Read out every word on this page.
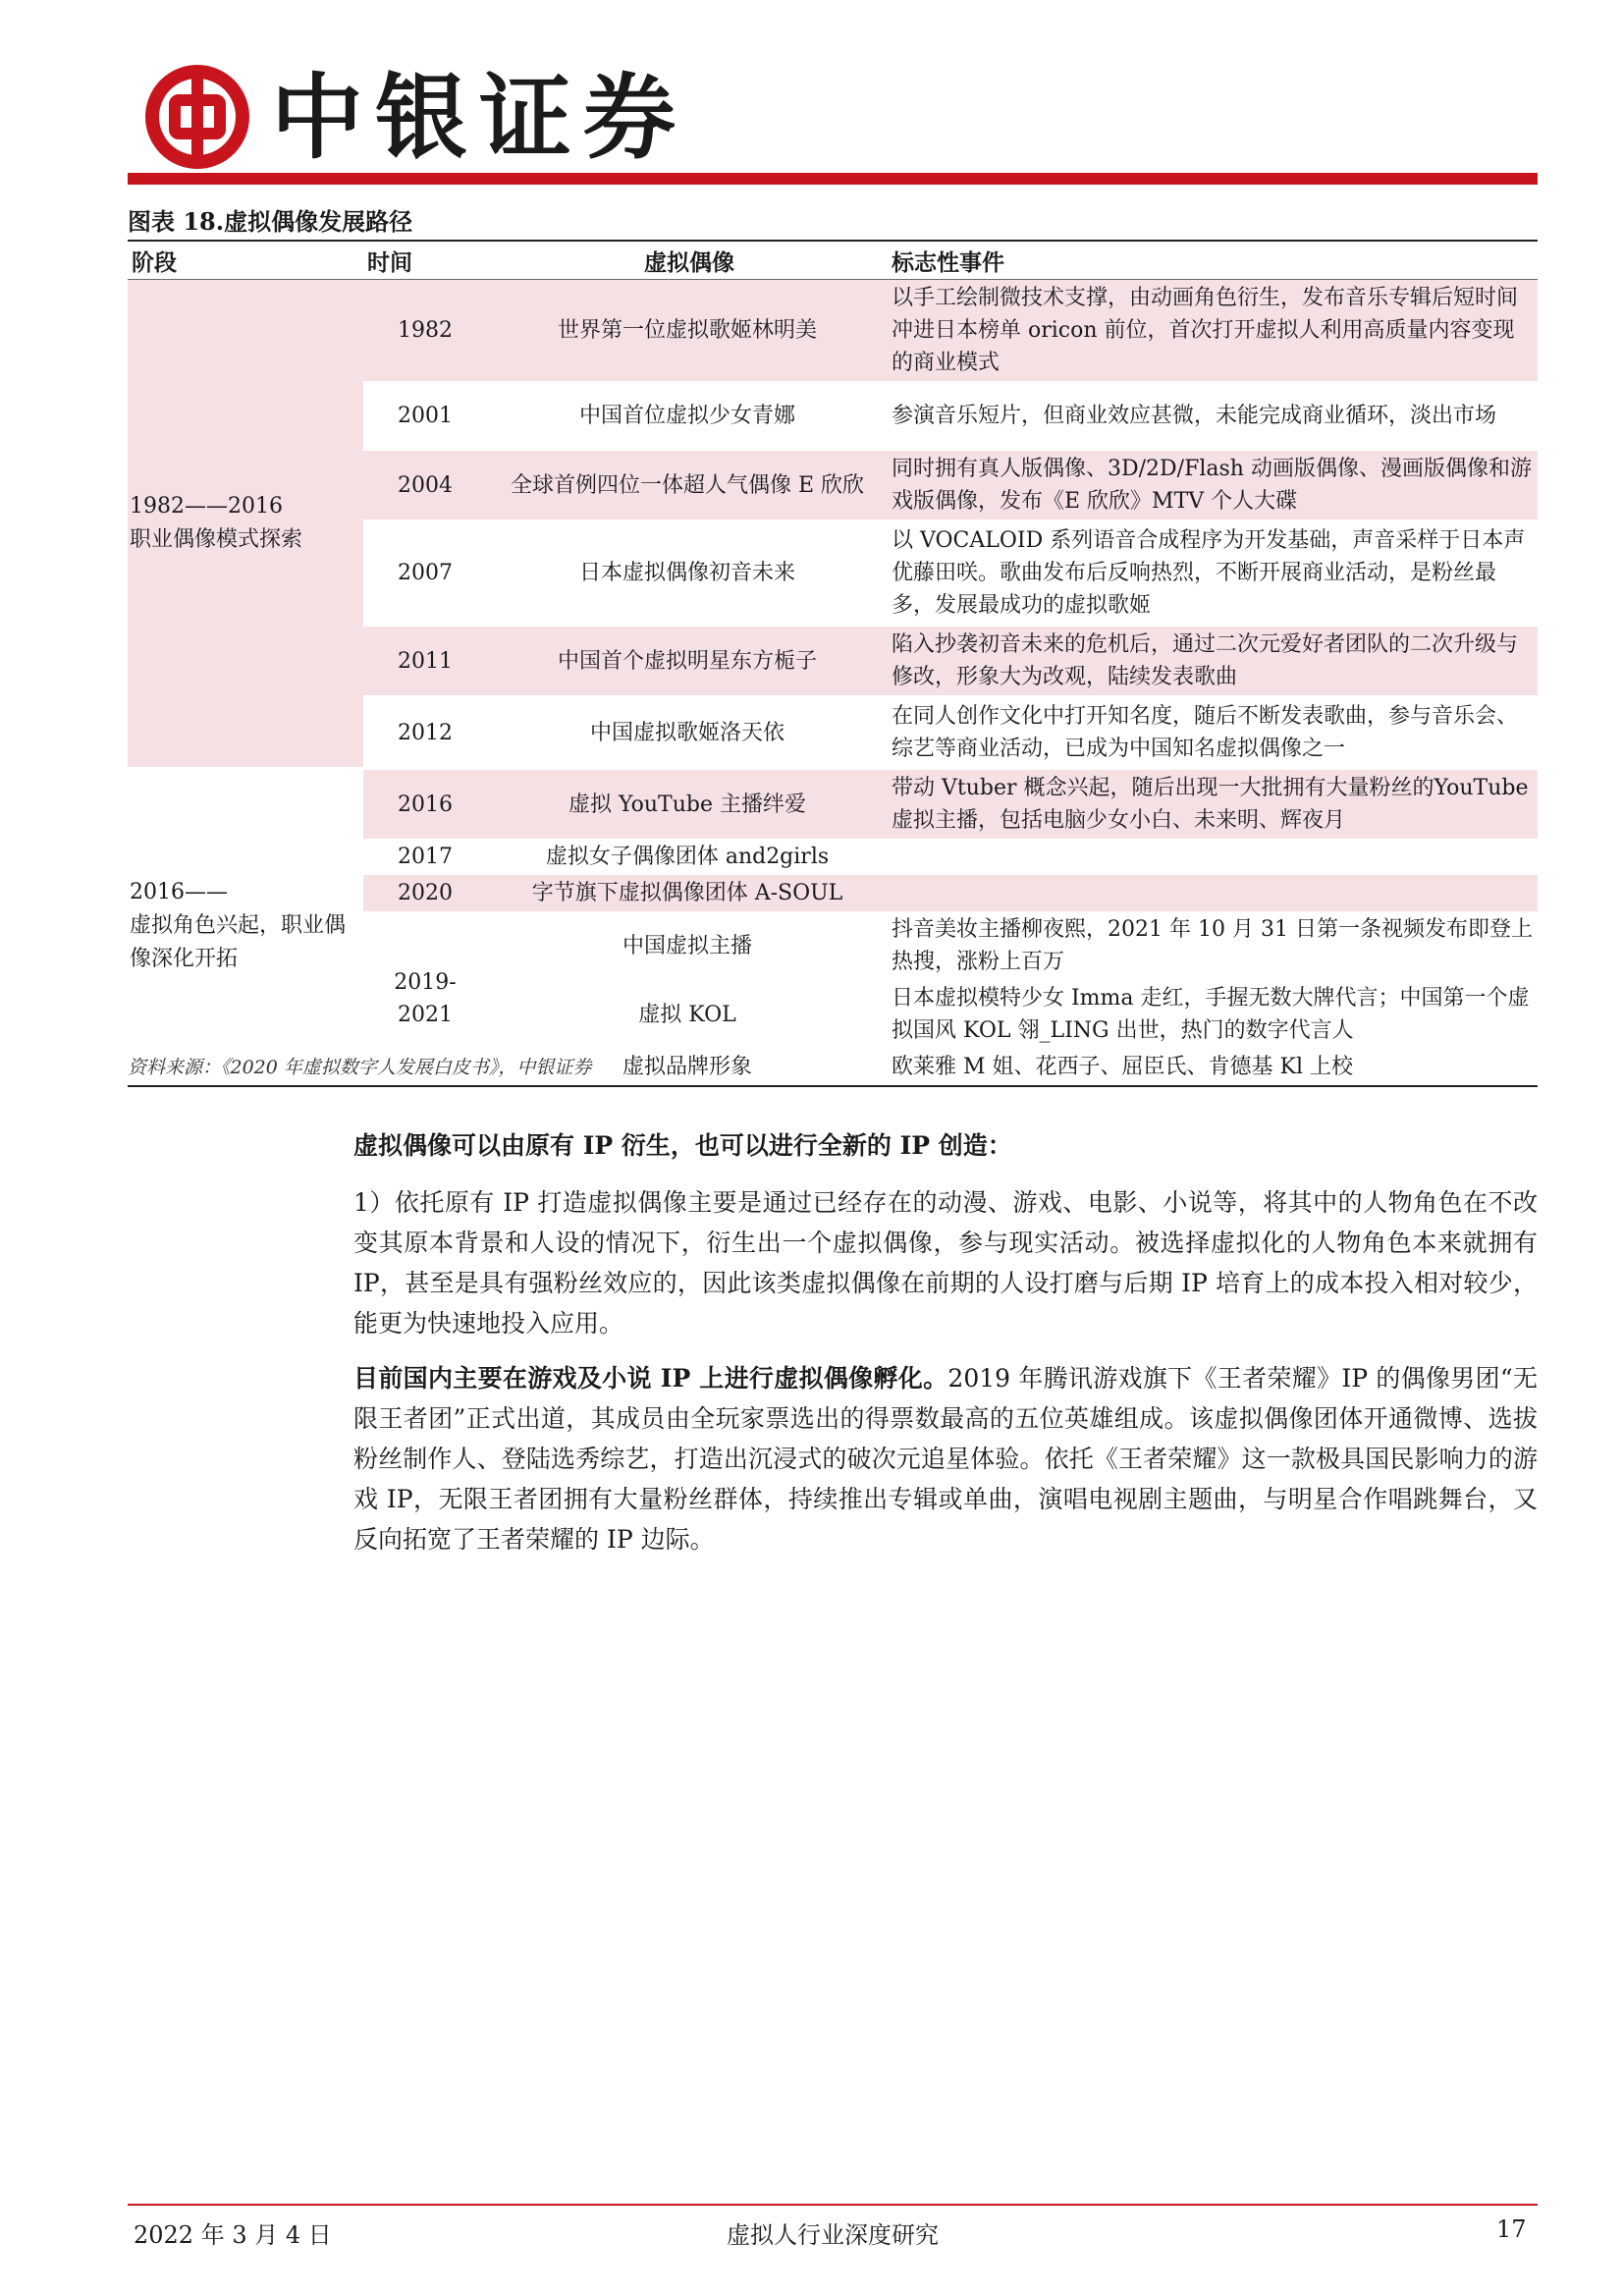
中银证券
图表 18.虚拟偶像发展路径
阶段	时间	虚拟偶像	标志性事件
1982——2016
职业偶像模式探索	1982	世界第一位虚拟歌姬林明美	以手工绘制微技术支撑，由动画角色衍生，发布音乐专辑后短时间冲进日本榜单 oricon 前位，首次打开虚拟人利用高质量内容变现的商业模式
	2001	中国首位虚拟少女青娜	参演音乐短片，但商业效应甚微，未能完成商业循环，淡出市场
	2004	全球首例四位一体超人气偶像 E 欣欣	同时拥有真人版偶像、3D/2D/Flash 动画版偶像、漫画版偶像和游戏版偶像，发布《E 欣欣》MTV 个人大碟
	2007	日本虚拟偶像初音未来	以 VOCALOID 系列语音合成程序为开发基础，声音采样于日本声优藤田咲。歌曲发布后反响热烈，不断开展商业活动，是粉丝最多，发展最成功的虚拟歌姬
	2011	中国首个虚拟明星东方栀子	陷入抄袭初音未来的危机后，通过二次元爱好者团队的二次升级与修改，形象大为改观，陆续发表歌曲
	2012	中国虚拟歌姬洛天依	在同人创作文化中打开知名度，随后不断发表歌曲，参与音乐会、综艺等商业活动，已成为中国知名虚拟偶像之一
2016——
虚拟角色兴起，职业偶像深化开拓	2016	虚拟 YouTube 主播绊爱	带动 Vtuber 概念兴起，随后出现一大批拥有大量粉丝的YouTube 虚拟主播，包括电脑少女小白、未来明、辉夜月
	2017	虚拟女子偶像团体 and2girls	
	2020	字节旗下虚拟偶像团体 A-SOUL	
	2019-2021	中国虚拟主播	抖音美妆主播柳夜熙，2021 年 10 月 31 日第一条视频发布即登上热搜，涨粉上百万
		虚拟 KOL	日本虚拟模特少女 Imma 走红，手握无数大牌代言；中国第一个虚拟国风 KOL 翎_LING 出世，热门的数字代言人
		虚拟品牌形象	欧莱雅 M 姐、花西子、屈臣氏、肯德基 Kl 上校
资料来源：《2020 年虚拟数字人发展白皮书》，中银证券
虚拟偶像可以由原有 IP 衍生，也可以进行全新的 IP 创造：
1）依托原有 IP 打造虚拟偶像主要是通过已经存在的动漫、游戏、电影、小说等，将其中的人物角色在不改变其原本背景和人设的情况下，衍生出一个虚拟偶像，参与现实活动。被选择虚拟化的人物角色本来就拥有 IP，甚至是具有强粉丝效应的，因此该类虚拟偶像在前期的人设打磨与后期 IP 培育上的成本投入相对较少，能更为快速地投入应用。
目前国内主要在游戏及小说 IP 上进行虚拟偶像孵化。2019 年腾讯游戏旗下《王者荣耀》IP 的偶像男团“无限王者团”正式出道，其成员由全玩家票选出的得票数最高的五位英雄组成。该虚拟偶像团体开通微博、选拔粉丝制作人、登陆选秀综艺，打造出沉浸式的破次元追星体验。依托《王者荣耀》这一款极具国民影响力的游戏 IP，无限王者团拥有大量粉丝群体，持续推出专辑或单曲，演唱电视剧主题曲，与明星合作唱跳舞台，又反向拓宽了王者荣耀的 IP 边际。
2022 年 3 月 4 日	虚拟人行业深度研究	17
